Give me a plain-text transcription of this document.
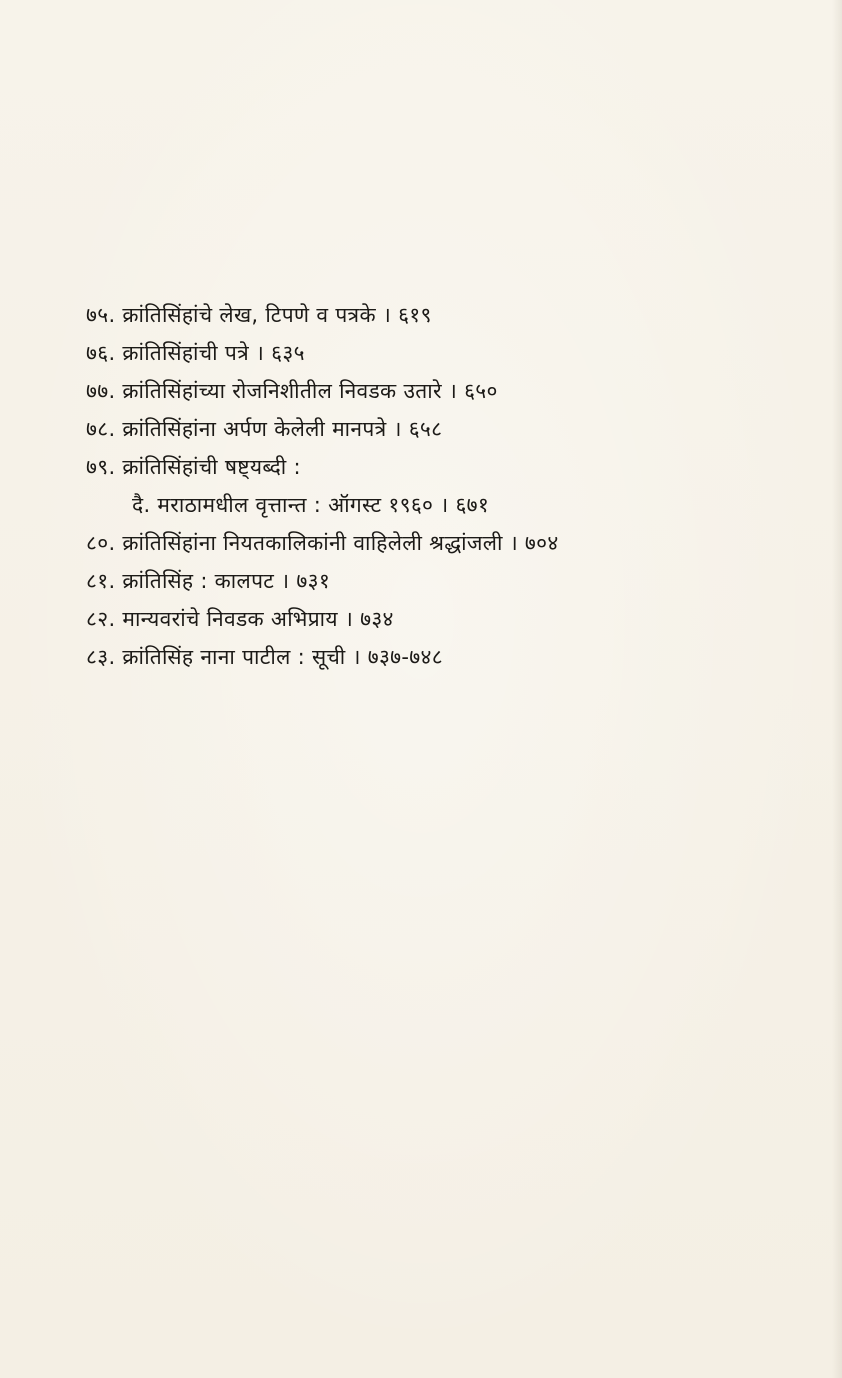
७५. क्रांतिसिंहांचे लेख, टिपणे व पत्रके । ६१९
७६. क्रांतिसिंहांची पत्रे । ६३५
७७. क्रांतिसिंहांच्या रोजनिशीतील निवडक उतारे । ६५०
७८. क्रांतिसिंहांना अर्पण केलेली मानपत्रे । ६५८
७९. क्रांतिसिंहांची षष्ट्यब्दी :
दै. मराठामधील वृत्तान्त : ऑगस्ट १९६० । ६७१
८०. क्रांतिसिंहांना नियतकालिकांनी वाहिलेली श्रद्धांजली । ७०४
८१. क्रांतिसिंह : कालपट । ७३१
८२. मान्यवरांचे निवडक अभिप्राय । ७३४
८३. क्रांतिसिंह नाना पाटील : सूची । ७३७-७४८
